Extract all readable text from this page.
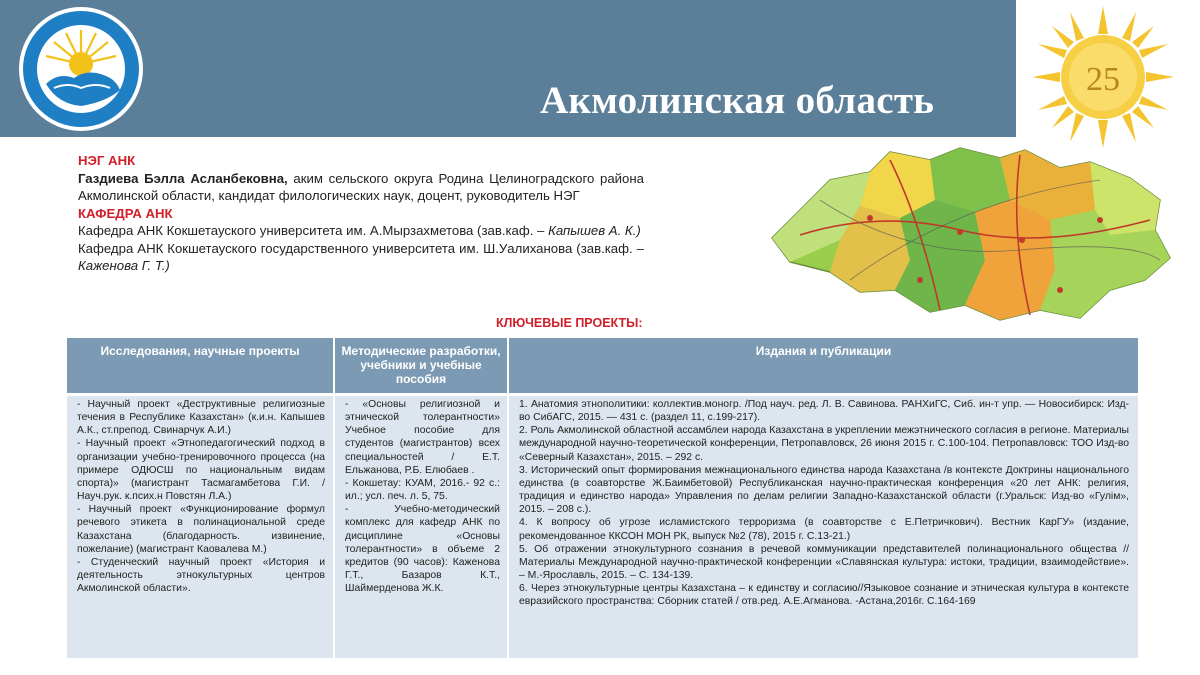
Акмолинская область	25
НЭГ АНК
Газдиева Бэлла Асланбековна, аким сельского округа Родина Целиноградского района Акмолинской области, кандидат филологических наук, доцент, руководитель НЭГ
КАФЕДРА АНК
Кафедра АНК Кокшетауского университета им. А.Мырзахметова (зав.каф. – Капышев А. К.)
Кафедра АНК Кокшетауского государственного университета им. Ш.Уалиханова (зав.каф. – Каженова Г. Т.)
КЛЮЧЕВЫЕ ПРОЕКТЫ:
Исследования, научные проекты	Методические разработки, учебники и учебные пособия
Издания и публикации

- Научный проект «Деструктивные религиозные течения в Республике Казахстан» (к.и.н. Капышев А.К., ст.препод. Свинарчук А.И.)

- Научный проект «Этнопедагогический подход в организации учебно-тренировочного процесса (на примере ОДЮСШ по национальным видам спорта)» (магистрант Тасмагамбетова Г.И. /Науч.рук. к.псих.н Повстян Л.А.)

- Научный проект «Функционирование формул речевого этикета в полинациональной среде Казахстана (благодарность. извинение, пожелание) (магистрант Каовалева М.)

- Студенческий научный проект «История и деятельность этнокультурных центров Акмолинской области».

- «Основы религиозной и этнической толерантности» Учебное пособие для студентов (магистрантов) всех специальностей / Е.Т. Ельжанова, Р.Б. Елюбаев .

- Кокшетау: КУАМ, 2016.- 92 с.: ил.; усл. печ. л. 5, 75.

- Учебно-методический комплекс для кафедр АНК по дисциплине «Основы толерантности» в объеме 2 кредитов (90 часов): Каженова Г.Т., Базаров К.Т., Шаймерденова Ж.К.

1. Анатомия этнополитики: коллектив.моногр. /Под науч. ред. Л. В. Савинова. РАНХиГС, Сиб. ин-т упр. — Новосибирск: Изд-во СибАГС, 2015. — 431 с. (раздел 11, с.199-217).

2. Роль Акмолинской областной ассамблеи народа Казахстана в укреплении межэтнического согласия в регионе. Материалы международной научно-теоретической конференции, Петропавловск, 26 июня 2015 г. С.100-104. Петропавловск: ТОО Изд-во «Северный Казахстан», 2015. – 292 с.

3. Исторический опыт формирования межнационального единства народа Казахстана /в контексте Доктрины национального единства (в соавторстве Ж.Баимбетовой) Республиканская научно-практическая конференция «20 лет АНК: религия, традиция и единство народа» Управления по делам религии Западно-Казахстанской области (г.Уральск: Изд-во «Гулім», 2015. – 208 с.).

4. К вопросу об угрозе исламистского терроризма (в соавторстве с Е.Петричкович). Вестник КарГУ» (издание, рекомендованное ККСОН МОН РК, выпуск №2 (78), 2015 г. С.13-21.)

5. Об отражении этнокультурного сознания в речевой коммуникации представителей полинационального общества // Материалы Международной научно-практической конференции «Славянская культура: истоки, традиции, взаимодействие». – М.-Ярославль, 2015. – С. 134-139.

6. Через этнокультурные центры Казахстана – к единству и согласию//Языковое сознание и этническая культура в контексте евразийского пространства: Сборник статей / отв.ред. А.Е.Агманова. -Астана,2016г. С.164-169
